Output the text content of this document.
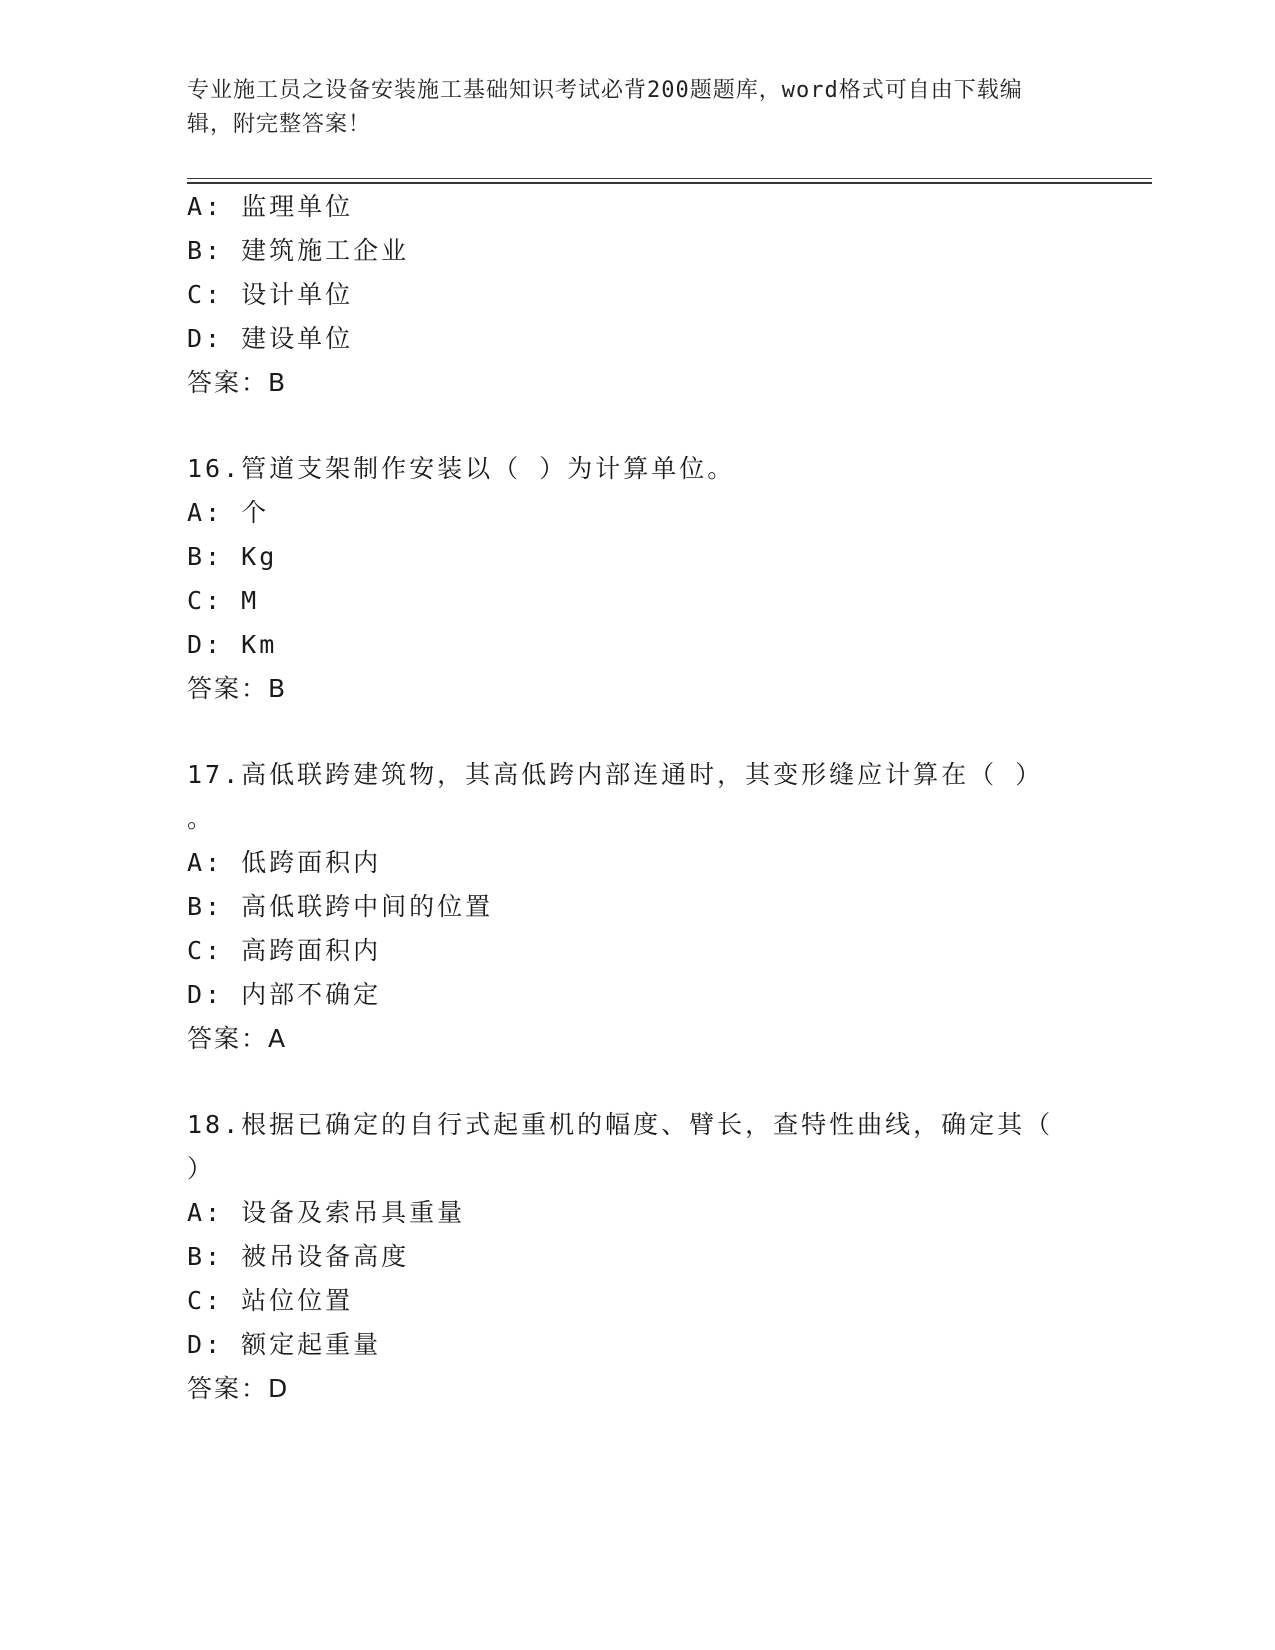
专业施工员之设备安装施工基础知识考试必背200题题库，word格式可自由下载编辑，附完整答案！
A: 监理单位
B: 建筑施工企业
C: 设计单位
D: 建设单位
答案：B
16.管道支架制作安装以（ ）为计算单位。
A: 个
B: Kg
C: M
D: Km
答案：B
17.高低联跨建筑物，其高低跨内部连通时，其变形缝应计算在（ ）
。
A: 低跨面积内
B: 高低联跨中间的位置
C: 高跨面积内
D: 内部不确定
答案：A
18.根据已确定的自行式起重机的幅度、臂长，查特性曲线，确定其（
）
A: 设备及索吊具重量
B: 被吊设备高度
C: 站位位置
D: 额定起重量
答案：D
